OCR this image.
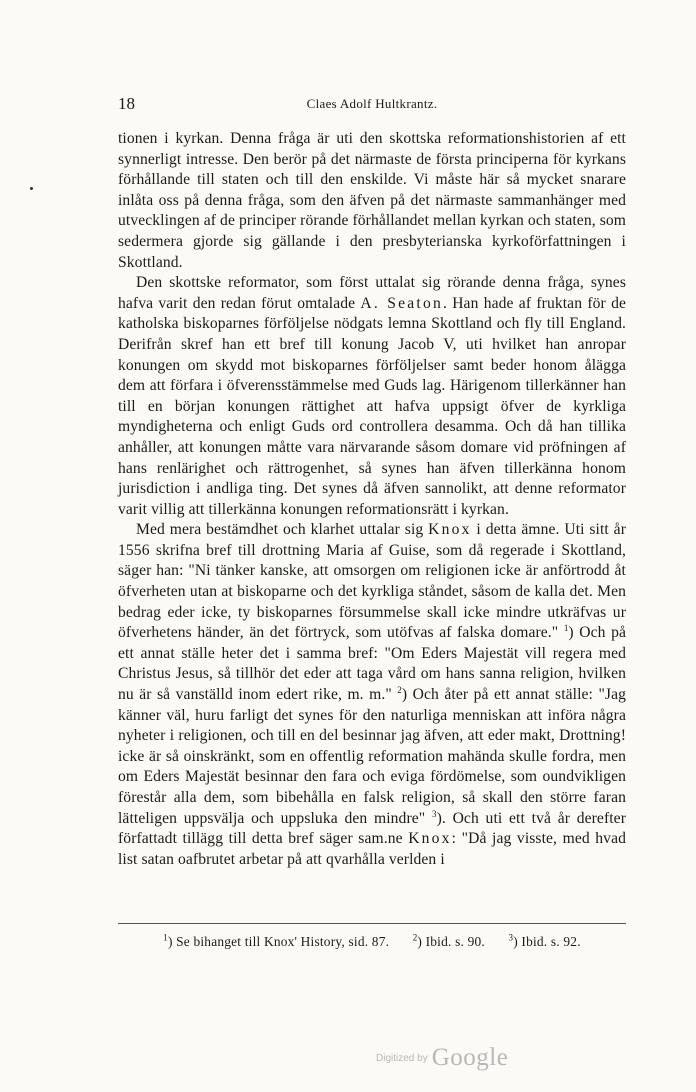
18	Claes Adolf Hultkrantz.

tionen i kyrkan. Denna fråga är uti den skottska reformationshistorien af ett synnerligt intresse. Den berör på det närmaste de första principerna för kyrkans förhållande till staten och till den enskilde. Vi måste här så mycket snarare inlåta oss på denna fråga, som den äfven på det närmaste sammanhänger med utvecklingen af de principer rörande förhållandet mellan kyrkan och staten, som sedermera gjorde sig gällande i den presbyterianska kyrkoförfattningen i Skottland.

Den skottske reformator, som först uttalat sig rörande denna fråga, synes hafva varit den redan förut omtalade A. Seaton. Han hade af fruktan för de katholska biskoparnes förföljelse nödgats lemna Skottland och fly till England. Derifrån skref han ett bref till konung Jacob V, uti hvilket han anropar konungen om skydd mot biskoparnes förföljelser samt beder honom ålägga dem att förfara i öfverensstämmelse med Guds lag. Härigenom tillerkänner han till en början konungen rättighet att hafva uppsigt öfver de kyrkliga myndigheterna och enligt Guds ord controllera desamma. Och då han tillika anhåller, att konungen måtte vara närvarande såsom domare vid pröfningen af hans renlärighet och rättrogenhet, så synes han äfven tillerkänna honom jurisdiction i andliga ting. Det synes då äfven sannolikt, att denne reformator varit villig att tillerkänna konungen reformationsrätt i kyrkan.

Med mera bestämdhet och klarhet uttalar sig Knox i detta ämne. Uti sitt år 1556 skrifna bref till drottning Maria af Guise, som då regerade i Skottland, säger han: "Ni tänker kanske, att omsorgen om religionen icke är anförtrodd åt öfverheten utan at biskoparne och det kyrkliga ståndet, såsom de kalla det. Men bedrag eder icke, ty biskoparnes försummelse skall icke mindre utkräfvas ur öfverhetens händer, än det förtryck, som utöfvas af falska domare." $^1$) Och på ett annat ställe heter det i samma bref: "Om Eders Majestät vill regera med Christus Jesus, så tillhör det eder att taga vård om hans sanna religion, hvilken nu är så vanställd inom edert rike, m. m." $^2$) Och åter på ett annat ställe: "Jag känner väl, huru farligt det synes för den naturliga menniskan att införa några nyheter i religionen, och till en del besinnar jag äfven, att eder makt, Drottning! icke är så oinskränkt, som en offentlig reformation mahända skulle fordra, men om Eders Majestät besinnar den fara och eviga fördömelse, som oundvikligen förestår alla dem, som bibehålla en falsk religion, så skall den större faran lätteligen uppsvälja och uppsluka den mindre" $^3$). Och uti ett två år derefter författadt tillägg till detta bref säger sam.ne Knox: "Då jag visste, med hvad list satan oafbrutet arbetar på att qvarhålla verlden i

$^1$) Se bihanget till Knox' History, sid. 87.	$^2$) Ibid. s. 90.	$^3$) Ibid. s. 92.
$^{Digitized by}$ Google
